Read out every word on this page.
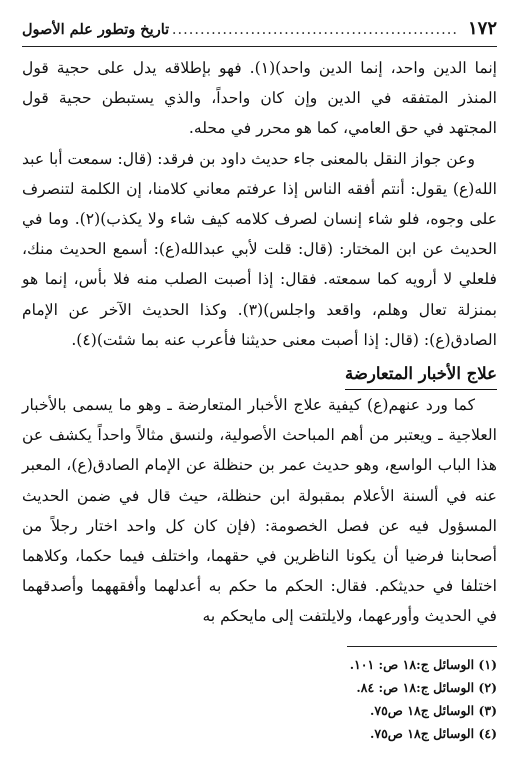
١٧٢
.....
تاريخ وتطور علم الأصول

إنما الدين واحد، إنما الدين واحد)(١). فهو بإطلاقه يدل على حجية قول المنذر المتفقه في الدين وإن كان واحداً، والذي يستبطن حجية قول المجتهد في حق العامي، كما هو محرر في محله.

وعن جواز النقل بالمعنى جاء حديث داود بن فرقد: (قال: سمعت أبا عبد الله(ع) يقول: أنتم أفقه الناس إذا عرفتم معاني كلامنا، إن الكلمة لتنصرف على وجوه، فلو شاء إنسان لصرف كلامه كيف شاء ولا يكذب)(٢). وما في الحديث عن ابن المختار: (قال: قلت لأبي عبدالله(ع): أسمع الحديث منك، فلعلي لا أرويه كما سمعته. فقال: إذا أصبت الصلب منه فلا بأس، إنما هو بمنزلة تعال وهلم، واقعد واجلس)(٣). وكذا الحديث الآخر عن الإمام الصادق(ع): (قال: إذا أصبت معنى حديثنا فأعرب عنه بما شئت)(٤).

علاج الأخبار المتعارضة

كما ورد عنهم(ع) كيفية علاج الأخبار المتعارضة ـ وهو ما يسمى بالأخبار العلاجية ـ ويعتبر من أهم المباحث الأصولية، ولنسق مثالاً واحداً يكشف عن هذا الباب الواسع، وهو حديث عمر بن حنظلة عن الإمام الصادق(ع)، المعبر عنه في ألسنة الأعلام بمقبولة ابن حنظلة، حيث قال في ضمن الحديث المسؤول فيه عن فصل الخصومة: (فإن كان كل واحد اختار رجلاً من أصحابنا فرضيا أن يكونا الناظرين في حقهما، واختلف فيما حكما، وكلاهما اختلفا في حديثكم. فقال: الحكم ما حكم به أعدلهما وأفقههما وأصدقهما في الحديث وأورعهما، ولايلتفت إلى مايحكم به

(١) الوسائل ج:١٨ ص: ١٠١.
(٢) الوسائل ج:١٨ ص: ٨٤.
(٣) الوسائل ج١٨ ص٧٥.
(٤) الوسائل ج١٨ ص٧٥.
